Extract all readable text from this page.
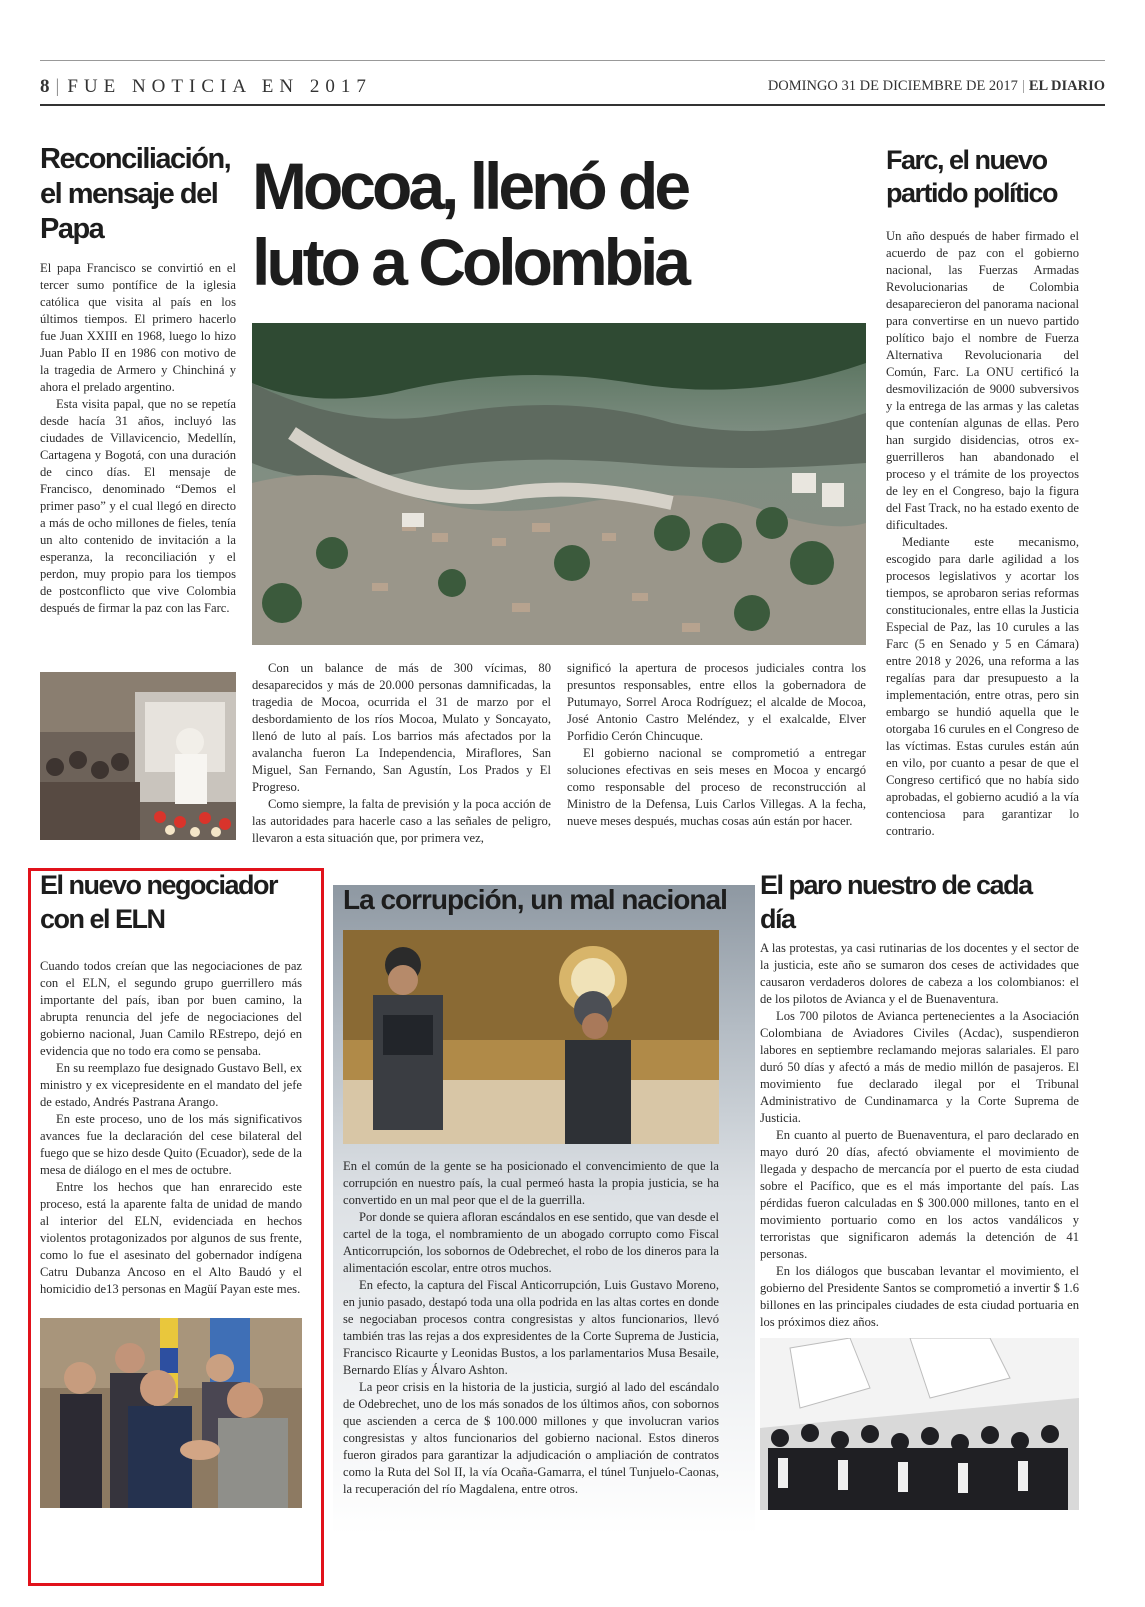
8 | FUE NOTICIA EN 2017	DOMINGO 31 DE DICIEMBRE DE 2017 | EL DIARIO
Reconciliación, el mensaje del Papa

El papa Francisco se convirtió en el tercer sumo pontífice de la iglesia católica que visita al país en los últimos tiempos. El primero hacerlo fue Juan XXIII en 1968, luego lo hizo Juan Pablo II en 1986 con motivo de la tragedia de Armero y Chinchiná y ahora el prelado argentino.

Esta visita papal, que no se repetía desde hacía 31 años, incluyó las ciudades de Villavicencio, Medellín, Cartagena y Bogotá, con una duración de cinco días. El mensaje de Francisco, denominado “Demos el primer paso” y el cual llegó en directo a más de ocho millones de fieles, tenía un alto contenido de invitación a la esperanza, la reconciliación y el perdon, muy propio para los tiempos de postconflicto que vive Colombia después de firmar la paz con las Farc.

Mocoa, llenó de luto a Colombia

Con un balance de más de 300 vícimas, 80 desaparecidos y más de 20.000 personas damnificadas, la tragedia de Mocoa, ocurrida el 31 de marzo por el desbordamiento de los ríos Mocoa, Mulato y Soncayato, llenó de luto al país. Los barrios más afectados por la avalancha fueron La Independencia, Miraflores, San Miguel, San Fernando, San Agustín, Los Prados y El Progreso.

Como siempre, la falta de previsión y la poca acción de las autoridades para hacerle caso a las señales de peligro, llevaron a esta situación que, por primera vez,

significó la apertura de procesos judiciales contra los presuntos responsables, entre ellos la gobernadora de Putumayo, Sorrel Aroca Rodríguez; el alcalde de Mocoa, José Antonio Castro Meléndez, y el exalcalde, Elver Porfidio Cerón Chincuque.

El gobierno nacional se comprometió a entregar soluciones efectivas en seis meses en Mocoa y encargó como responsable del proceso de reconstrucción al Ministro de la Defensa, Luis Carlos Villegas. A la fecha, nueve meses después, muchas cosas aún están por hacer.

Farc, el nuevo partido político

Un año después de haber firmado el acuerdo de paz con el gobierno nacional, las Fuerzas Armadas Revolucionarias de Colombia desaparecieron del panorama nacional para convertirse en un nuevo partido político bajo el nombre de Fuerza Alternativa Revolucionaria del Común, Farc. La ONU certificó la desmovilización de 9000 subversivos y la entrega de las armas y las caletas que contenían algunas de ellas. Pero han surgido disidencias, otros ex-guerrilleros han abandonado el proceso y el trámite de los proyectos de ley en el Congreso, bajo la figura del Fast Track, no ha estado exento de dificultades.

Mediante este mecanismo, escogido para darle agilidad a los procesos legislativos y acortar los tiempos, se aprobaron serias reformas constitucionales, entre ellas la Justicia Especial de Paz, las 10 curules a las Farc (5 en Senado y 5 en Cámara) entre 2018 y 2026, una reforma a las regalías para dar presupuesto a la implementación, entre otras, pero sin embargo se hundió aquella que le otorgaba 16 curules en el Congreso de las víctimas. Estas curules están aún en vilo, por cuanto a pesar de que el Congreso certificó que no había sido aprobadas, el gobierno acudió a la vía contenciosa para garantizar lo contrario.

El nuevo negociador con el ELN

Cuando todos creían que las negociaciones de paz con el ELN, el segundo grupo guerrillero más importante del país, iban por buen camino, la abrupta renuncia del jefe de negociaciones del gobierno nacional, Juan Camilo REstrepo, dejó en evidencia que no todo era como se pensaba.

En su reemplazo fue designado Gustavo Bell, ex ministro y ex vicepresidente en el mandato del jefe de estado, Andrés Pastrana Arango.

En este proceso, uno de los más significativos avances fue la declaración del cese bilateral del fuego que se hizo desde Quito (Ecuador), sede de la mesa de diálogo en el mes de octubre.

Entre los hechos que han enrarecido este proceso, está la aparente falta de unidad de mando al interior del ELN, evidenciada en hechos violentos protagonizados por algunos de sus frente, como lo fue el asesinato del gobernador indígena Catru Dubanza Ancoso en el Alto Baudó y el homicidio de13 personas en Magüí Payan este mes.

La corrupción, un mal nacional

En el común de la gente se ha posicionado el convencimiento de que la corrupción en nuestro país, la cual permeó hasta la propia justicia, se ha convertido en un mal peor que el de la guerrilla.

Por donde se quiera afloran escándalos en ese sentido, que van desde el cartel de la toga, el nombramiento de un abogado corrupto como Fiscal Anticorrupción, los sobornos de Odebrechet, el robo de los dineros para la alimentación escolar, entre otros muchos.

En efecto, la captura del Fiscal Anticorrupción, Luis Gustavo Moreno, en junio pasado, destapó toda una olla podrida en las altas cortes en donde se negociaban procesos contra congresistas y altos funcionarios, llevó también tras las rejas a dos expresidentes de la Corte Suprema de Justicia, Francisco Ricaurte y Leonidas Bustos, a los parlamentarios Musa Besaile, Bernardo Elías y Álvaro Ashton.

La peor crisis en la historia de la justicia, surgió al lado del escándalo de Odebrechet, uno de los más sonados de los últimos años, con sobornos que ascienden a cerca de $ 100.000 millones y que involucran varios congresistas y altos funcionarios del gobierno nacional. Estos dineros fueron girados para garantizar la adjudicación o ampliación de contratos como la Ruta del Sol II, la vía Ocaña-Gamarra, el túnel Tunjuelo-Caonas, la recuperación del río Magdalena, entre otros.

El paro nuestro de cada día

A las protestas, ya casi rutinarias de los docentes y el sector de la justicia, este año se sumaron dos ceses de actividades que causaron verdaderos dolores de cabeza a los colombianos: el de los pilotos de Avianca y el de Buenaventura.

Los 700 pilotos de Avianca pertenecientes a la Asociación Colombiana de Aviadores Civiles (Acdac), suspendieron labores en septiembre reclamando mejoras salariales. El paro duró 50 días y afectó a más de medio millón de pasajeros. El movimiento fue declarado ilegal por el Tribunal Administrativo de Cundinamarca y la Corte Suprema de Justicia.

En cuanto al puerto de Buenaventura, el paro declarado en mayo duró 20 días, afectó obviamente el movimiento de llegada y despacho de mercancía por el puerto de esta ciudad sobre el Pacífico, que es el más importante del país. Las pérdidas fueron calculadas en $ 300.000 millones, tanto en el movimiento portuario como en los actos vandálicos y terroristas que significaron además la detención de 41 personas.

En los diálogos que buscaban levantar el movimiento, el gobierno del Presidente Santos se comprometió a invertir $ 1.6 billones en las principales ciudades de esta ciudad portuaria en los próximos diez años.
